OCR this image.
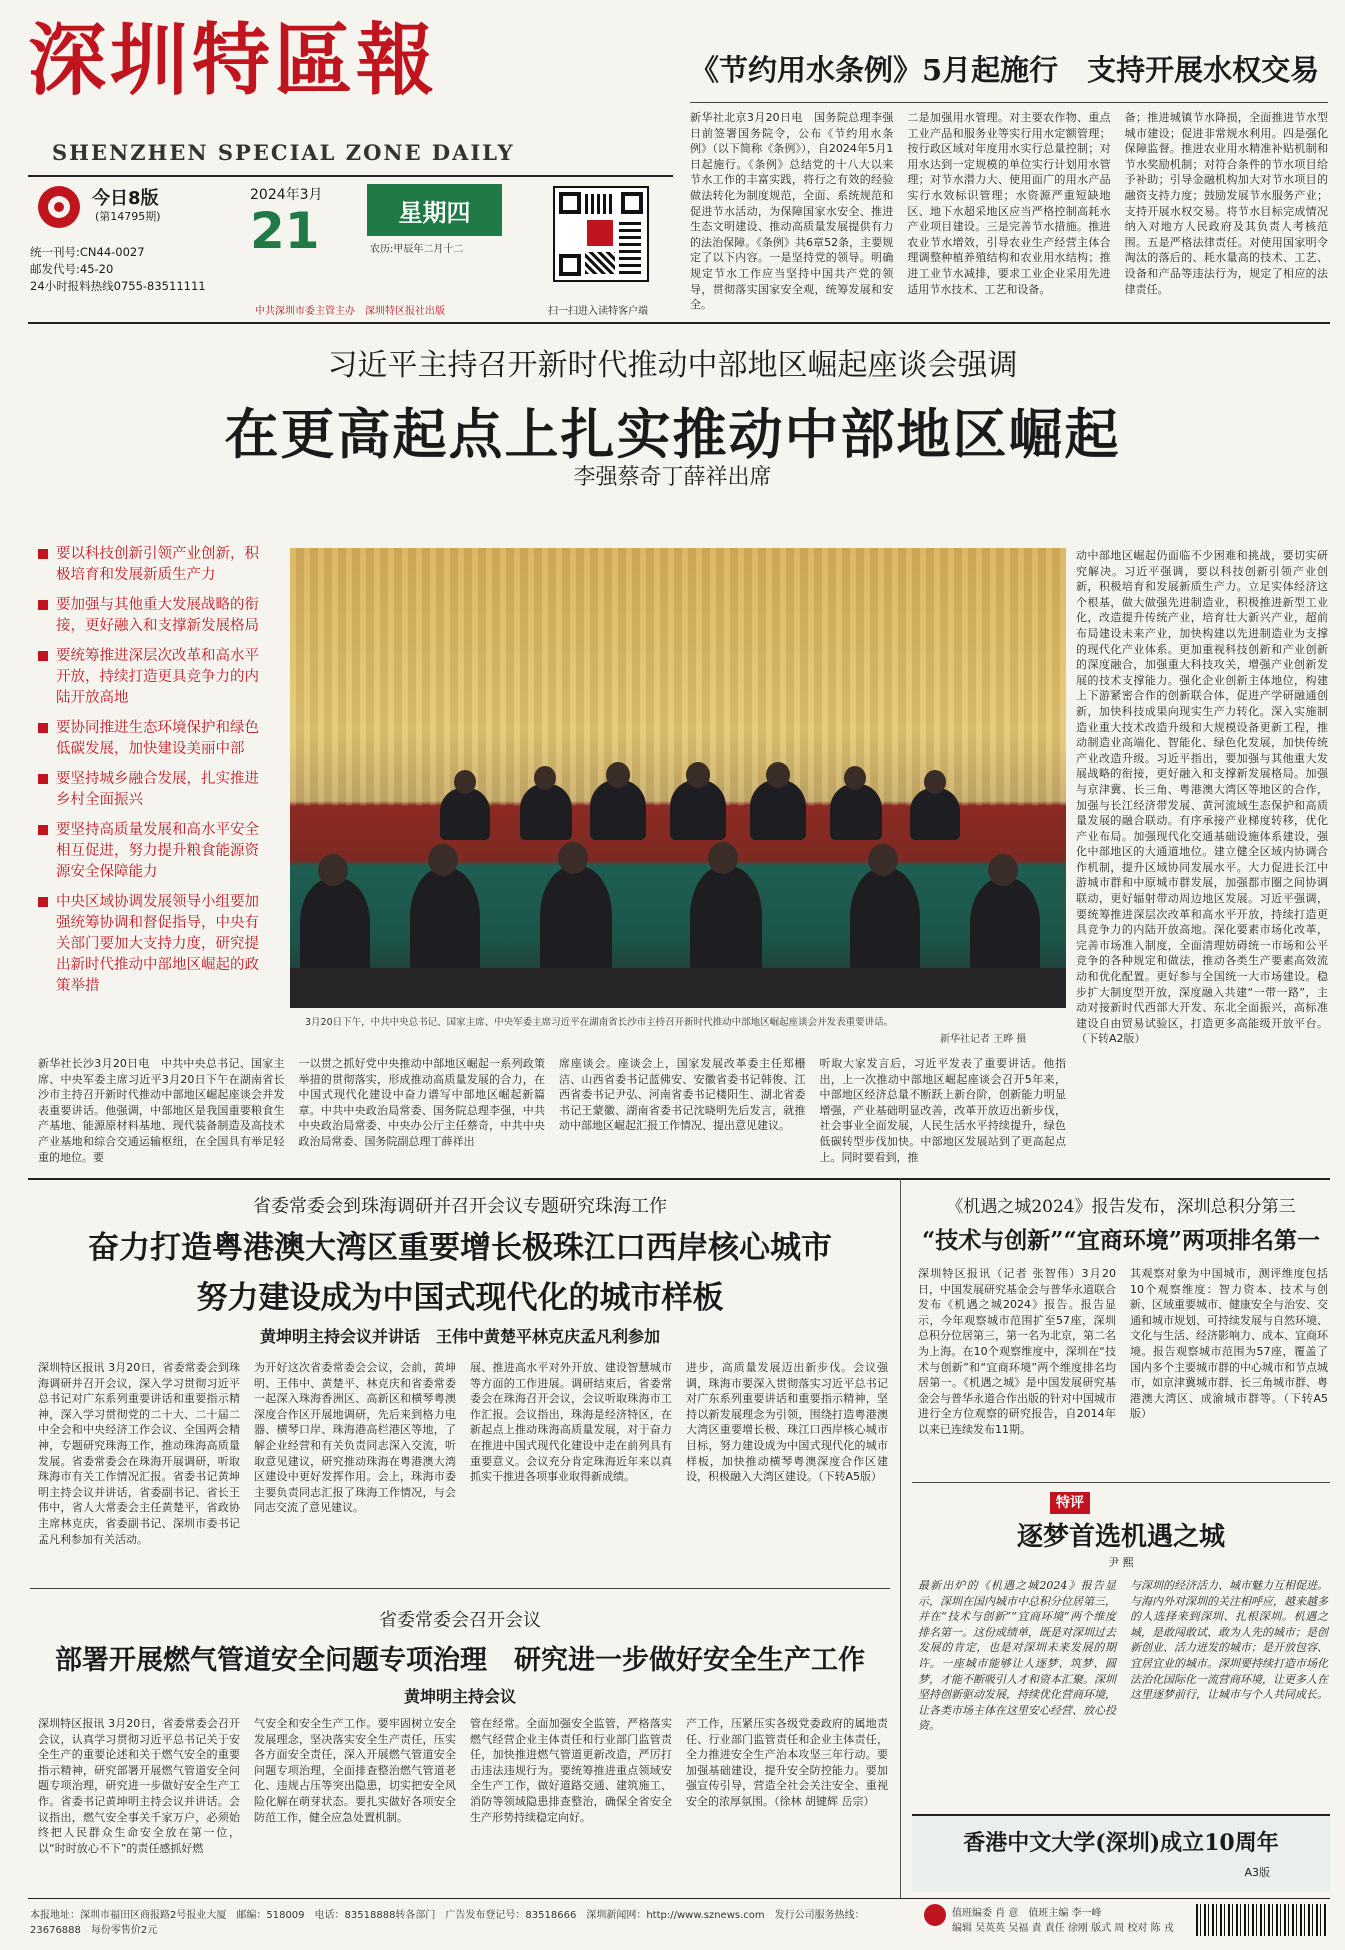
深圳特區報
SHENZHEN SPECIAL ZONE DAILY
今日8版
(第14795期)
统一刊号:CN44-0027
邮发代号:45-20
24小时报料热线0755-83511111
2024年3月
21	星期四
农历:甲辰年二月十二
中共深圳市委主管主办　深圳特区报社出版	扫一扫进入读特客户端
《节约用水条例》5月起施行　支持开展水权交易
新华社北京3月20日电　国务院总理李强日前签署国务院令，公布《节约用水条例》（以下简称《条例》），自2024年5月1日起施行。《条例》总结党的十八大以来节水工作的丰富实践，将行之有效的经验做法转化为制度规范，全面、系统规范和促进节水活动，为保障国家水安全、推进生态文明建设、推动高质量发展提供有力的法治保障。《条例》共6章52条，主要规定了以下内容。一是坚持党的领导。明确规定节水工作应当坚持中国共产党的领导，贯彻落实国家安全观，统筹发展和安全。
二是加强用水管理。对主要农作物、重点工业产品和服务业等实行用水定额管理；按行政区域对年度用水实行总量控制；对用水达到一定规模的单位实行计划用水管理；对节水潜力大、使用面广的用水产品实行水效标识管理；水资源严重短缺地区、地下水超采地区应当严格控制高耗水产业项目建设。三是完善节水措施。推进农业节水增效，引导农业生产经营主体合理调整种植养殖结构和农业用水结构；推进工业节水减排，要求工业企业采用先进适用节水技术、工艺和设备。
备；推进城镇节水降损，全面推进节水型城市建设；促进非常规水利用。四是强化保障监督。推进农业用水精准补贴机制和节水奖励机制；对符合条件的节水项目给予补助；引导金融机构加大对节水项目的融资支持力度；鼓励发展节水服务产业；支持开展水权交易。将节水目标完成情况纳入对地方人民政府及其负责人考核范围。五是严格法律责任。对使用国家明令淘汰的落后的、耗水量高的技术、工艺、设备和产品等违法行为，规定了相应的法律责任。
习近平主持召开新时代推动中部地区崛起座谈会强调
在更高起点上扎实推动中部地区崛起
李强蔡奇丁薛祥出席
要以科技创新引领产业创新，积极培育和发展新质生产力
要加强与其他重大发展战略的衔接，更好融入和支撑新发展格局
要统筹推进深层次改革和高水平开放，持续打造更具竞争力的内陆开放高地
要协同推进生态环境保护和绿色低碳发展，加快建设美丽中部
要坚持城乡融合发展，扎实推进乡村全面振兴
要坚持高质量发展和高水平安全相互促进，努力提升粮食能源资源安全保障能力
中央区域协调发展领导小组要加强统筹协调和督促指导，中央有关部门要加大支持力度，研究提出新时代推动中部地区崛起的政策举措
3月20日下午，中共中央总书记、国家主席、中央军委主席习近平在湖南省长沙市主持召开新时代推动中部地区崛起座谈会并发表重要讲话。
新华社记者 王晔 摄
动中部地区崛起仍面临不少困难和挑战，要切实研究解决。习近平强调，要以科技创新引领产业创新，积极培育和发展新质生产力。立足实体经济这个根基，做大做强先进制造业，积极推进新型工业化，改造提升传统产业，培育壮大新兴产业，超前布局建设未来产业，加快构建以先进制造业为支撑的现代化产业体系。更加重视科技创新和产业创新的深度融合，加强重大科技攻关，增强产业创新发展的技术支撑能力。强化企业创新主体地位，构建上下游紧密合作的创新联合体，促进产学研融通创新，加快科技成果向现实生产力转化。深入实施制造业重大技术改造升级和大规模设备更新工程，推动制造业高端化、智能化、绿色化发展，加快传统产业改造升级。习近平指出，要加强与其他重大发展战略的衔接，更好融入和支撑新发展格局。加强与京津冀、长三角、粤港澳大湾区等地区的合作，加强与长江经济带发展、黄河流域生态保护和高质量发展的融合联动。有序承接产业梯度转移，优化产业布局。加强现代化交通基础设施体系建设，强化中部地区的大通道地位。建立健全区域内协调合作机制，提升区域协同发展水平。大力促进长江中游城市群和中原城市群发展，加强都市圈之间协调联动，更好辐射带动周边地区发展。习近平强调，要统筹推进深层次改革和高水平开放，持续打造更具竞争力的内陆开放高地。深化要素市场化改革，完善市场准入制度，全面清理妨碍统一市场和公平竞争的各种规定和做法，推动各类生产要素高效流动和优化配置。更好参与全国统一大市场建设。稳步扩大制度型开放，深度融入共建“一带一路”，主动对接新时代西部大开发、东北全面振兴，高标准建设自由贸易试验区，打造更多高能级开放平台。（下转A2版）
新华社长沙3月20日电　中共中央总书记、国家主席、中央军委主席习近平3月20日下午在湖南省长沙市主持召开新时代推动中部地区崛起座谈会并发表重要讲话。他强调，中部地区是我国重要粮食生产基地、能源原材料基地、现代装备制造及高技术产业基地和综合交通运输枢纽，在全国具有举足轻重的地位。要
一以贯之抓好党中央推动中部地区崛起一系列政策举措的贯彻落实，形成推动高质量发展的合力，在中国式现代化建设中奋力谱写中部地区崛起新篇章。中共中央政治局常委、国务院总理李强，中共中央政治局常委、中央办公厅主任蔡奇，中共中央政治局常委、国务院副总理丁薛祥出
席座谈会。座谈会上，国家发展改革委主任郑栅洁、山西省委书记蓝佛安、安徽省委书记韩俊、江西省委书记尹弘、河南省委书记楼阳生、湖北省委书记王蒙徽、湖南省委书记沈晓明先后发言，就推动中部地区崛起汇报工作情况、提出意见建议。
听取大家发言后，习近平发表了重要讲话。他指出，上一次推动中部地区崛起座谈会召开5年来，中部地区经济总量不断跃上新台阶，创新能力明显增强，产业基础明显改善，改革开放迈出新步伐，社会事业全面发展，人民生活水平持续提升，绿色低碳转型步伐加快。中部地区发展站到了更高起点上。同时要看到，推
省委常委会到珠海调研并召开会议专题研究珠海工作
奋力打造粤港澳大湾区重要增长极珠江口西岸核心城市
努力建设成为中国式现代化的城市样板
黄坤明主持会议并讲话　王伟中黄楚平林克庆孟凡利参加
深圳特区报讯 3月20日，省委常委会到珠海调研并召开会议，深入学习贯彻习近平总书记对广东系列重要讲话和重要指示精神，深入学习贯彻党的二十大、二十届二中全会和中央经济工作会议、全国两会精神，专题研究珠海工作，推动珠海高质量发展。省委常委会在珠海开展调研，听取珠海市有关工作情况汇报。省委书记黄坤明主持会议并讲话，省委副书记、省长王伟中，省人大常委会主任黄楚平，省政协主席林克庆，省委副书记、深圳市委书记孟凡利参加有关活动。
为开好这次省委常委会会议，会前，黄坤明、王伟中、黄楚平、林克庆和省委常委一起深入珠海香洲区、高新区和横琴粤澳深度合作区开展地调研，先后来到格力电器、横琴口岸、珠海港高栏港区等地，了解企业经营和有关负责同志深入交流，听取意见建议，研究推动珠海在粤港澳大湾区建设中更好发挥作用。会上，珠海市委主要负责同志汇报了珠海工作情况，与会同志交流了意见建议。
展、推进高水平对外开放、建设智慧城市等方面的工作进展。调研结束后，省委常委会在珠海召开会议，会议听取珠海市工作汇报。会议指出，珠海是经济特区，在新起点上推动珠海高质量发展，对于奋力在推进中国式现代化建设中走在前列具有重要意义。会议充分肯定珠海近年来以真抓实干推进各项事业取得新成绩。
进步，高质量发展迈出新步伐。会议强调，珠海市要深入贯彻落实习近平总书记对广东系列重要讲话和重要指示精神，坚持以新发展理念为引领，围绕打造粤港澳大湾区重要增长极、珠江口西岸核心城市目标，努力建设成为中国式现代化的城市样板，加快推动横琴粤澳深度合作区建设，积极融入大湾区建设。（下转A5版）
省委常委会召开会议
部署开展燃气管道安全问题专项治理　研究进一步做好安全生产工作
黄坤明主持会议
深圳特区报讯 3月20日，省委常委会召开会议，认真学习贯彻习近平总书记关于安全生产的重要论述和关于燃气安全的重要指示精神，研究部署开展燃气管道安全问题专项治理，研究进一步做好安全生产工作。省委书记黄坤明主持会议并讲话。会议指出，燃气安全事关千家万户，必须始终把人民群众生命安全放在第一位，以“时时放心不下”的责任感抓好燃
气安全和安全生产工作。要牢固树立安全发展理念，坚决落实安全生产责任，压实各方面安全责任，深入开展燃气管道安全问题专项治理，全面排查整治燃气管道老化、违规占压等突出隐患，切实把安全风险化解在萌芽状态。要扎实做好各项安全防范工作，健全应急处置机制。
管在经常。全面加强安全监管，严格落实燃气经营企业主体责任和行业部门监管责任，加快推进燃气管道更新改造，严厉打击违法违规行为。要统筹推进重点领域安全生产工作，做好道路交通、建筑施工、消防等领域隐患排查整治，确保全省安全生产形势持续稳定向好。
产工作，压紧压实各级党委政府的属地责任、行业部门监管责任和企业主体责任，全力推进安全生产治本攻坚三年行动。要加强基础建设，提升安全防控能力。要加强宣传引导，营造全社会关注安全、重视安全的浓厚氛围。（徐林 胡键辉 岳宗）
《机遇之城2024》报告发布，深圳总积分第三
“技术与创新”“宜商环境”两项排名第一
深圳特区报讯（记者 张智伟）3月20日，中国发展研究基金会与普华永道联合发布《机遇之城2024》报告。报告显示，今年观察城市范围扩至57座，深圳总积分位居第三，第一名为北京，第二名为上海。在10个观察维度中，深圳在“技术与创新”和“宜商环境”两个维度排名均居第一。《机遇之城》是中国发展研究基金会与普华永道合作出版的针对中国城市进行全方位观察的研究报告，自2014年以来已连续发布11期。
其观察对象为中国城市，测评维度包括10个观察维度：智力资本、技术与创新、区域重要城市、健康安全与治安、交通和城市规划、可持续发展与自然环境、文化与生活、经济影响力、成本、宜商环境。报告观察城市范围为57座，覆盖了国内多个主要城市群的中心城市和节点城市，如京津冀城市群、长三角城市群、粤港澳大湾区、成渝城市群等。（下转A5版）
特评
逐梦首选机遇之城
尹 熙
最新出炉的《机遇之城2024》报告显示，深圳在国内城市中总积分位居第三，并在“技术与创新”“宜商环境”两个维度排名第一。这份成绩单，既是对深圳过去发展的肯定，也是对深圳未来发展的期许。一座城市能够让人逐梦、筑梦、圆梦，才能不断吸引人才和资本汇聚。深圳坚持创新驱动发展，持续优化营商环境，让各类市场主体在这里安心经营、放心投资。
与深圳的经济活力、城市魅力互相促进。与海内外对深圳的关注相呼应，越来越多的人选择来到深圳、扎根深圳。机遇之城，是敢闯敢试、敢为人先的城市；是创新创业、活力迸发的城市；是开放包容、宜居宜业的城市。深圳要持续打造市场化法治化国际化一流营商环境，让更多人在这里逐梦前行，让城市与个人共同成长。
香港中文大学(深圳)成立10周年
A3版
本报地址：深圳市福田区商报路2号报业大厦　邮编：518009　电话：83518888转各部门　广告发布登记号：83518666　深圳新闻网：http://www.sznews.com　发行公司服务热线：23676888　每份零售价2元
值班编委 肖 意　值班主编 李一峰
编辑 吴英英 吴福 責 責任 徐刚 版式 周 校对 陈 戎
